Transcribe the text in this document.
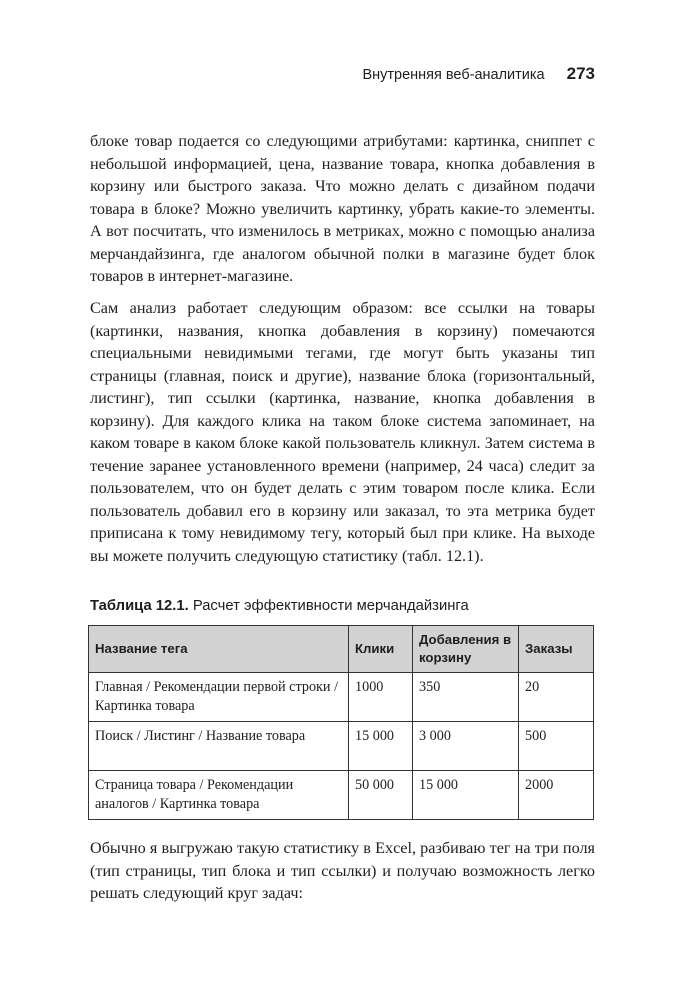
Внутренняя веб-аналитика 273

блоке товар подается со следующими атрибутами: картинка, сниппет с небольшой информацией, цена, название товара, кнопка добавления в корзину или быстрого заказа. Что можно делать с дизайном подачи товара в блоке? Можно увеличить картинку, убрать какие-то элементы. А вот посчитать, что изменилось в метриках, можно с помощью анализа мерчандайзинга, где аналогом обычной полки в магазине будет блок товаров в интернет-магазине.

Сам анализ работает следующим образом: все ссылки на товары (картинки, названия, кнопка добавления в корзину) помечаются специальными невидимыми тегами, где могут быть указаны тип страницы (главная, поиск и другие), название блока (горизонтальный, листинг), тип ссылки (картинка, название, кнопка добавления в корзину). Для каждого клика на таком блоке система запоминает, на каком товаре в каком блоке какой пользователь кликнул. Затем система в течение заранее установленного времени (например, 24 часа) следит за пользователем, что он будет делать с этим товаром после клика. Если пользователь добавил его в корзину или заказал, то эта метрика будет приписана к тому невидимому тегу, который был при клике. На выходе вы можете получить следующую статистику (табл. 12.1).

Таблица 12.1. Расчет эффективности мерчандайзинга
Название тега	Клики	Добавления в корзину	Заказы
Главная / Рекомендации первой строки / Картинка товара	1000	350	20
Поиск / Листинг / Название товара	15 000	3 000	500
Страница товара / Рекомендации аналогов / Картинка товара	50 000	15 000	2000

Обычно я выгружаю такую статистику в Excel, разбиваю тег на три поля (тип страницы, тип блока и тип ссылки) и получаю возможность легко решать следующий круг задач:
